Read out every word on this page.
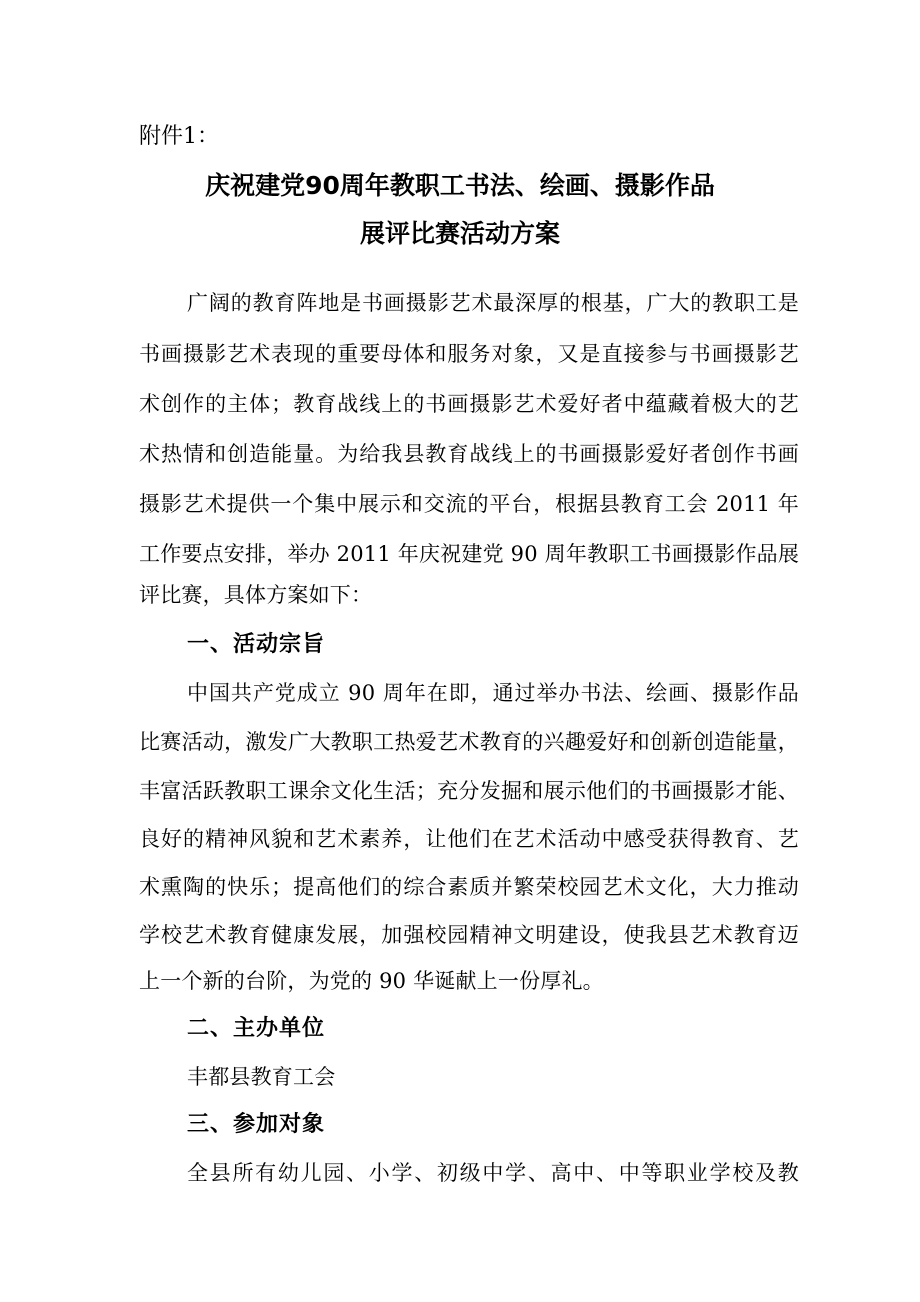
附件1：
庆祝建党90周年教职工书法、绘画、摄影作品
展评比赛活动方案
广阔的教育阵地是书画摄影艺术最深厚的根基，广大的教职工是
书画摄影艺术表现的重要母体和服务对象，又是直接参与书画摄影艺
术创作的主体；教育战线上的书画摄影艺术爱好者中蕴藏着极大的艺
术热情和创造能量。为给我县教育战线上的书画摄影爱好者创作书画
摄影艺术提供一个集中展示和交流的平台，根据县教育工会 2011 年
工作要点安排，举办 2011 年庆祝建党 90 周年教职工书画摄影作品展
评比赛，具体方案如下：
一、活动宗旨
中国共产党成立 90 周年在即，通过举办书法、绘画、摄影作品
比赛活动，激发广大教职工热爱艺术教育的兴趣爱好和创新创造能量，
丰富活跃教职工课余文化生活；充分发掘和展示他们的书画摄影才能、
良好的精神风貌和艺术素养，让他们在艺术活动中感受获得教育、艺
术熏陶的快乐；提高他们的综合素质并繁荣校园艺术文化，大力推动
学校艺术教育健康发展，加强校园精神文明建设，使我县艺术教育迈
上一个新的台阶，为党的 90 华诞献上一份厚礼。
二、主办单位
丰都县教育工会
三、参加对象
全县所有幼儿园、小学、初级中学、高中、中等职业学校及教
